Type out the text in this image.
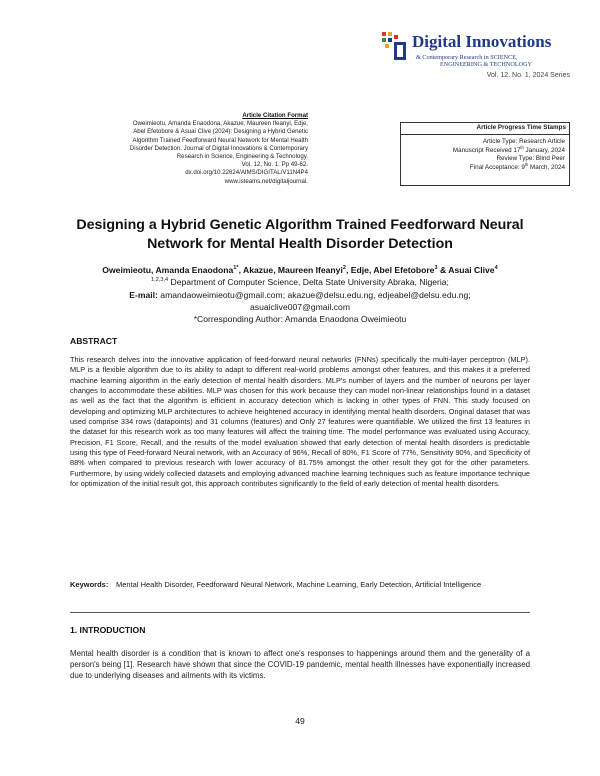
Digital Innovations
& Contemporary Research in SCIENCE,
ENGINEERING & TECHNOLOGY
Vol. 12. No. 1, 2024 Series
Article Citation Format
Oweimieotu, Amanda Enaodona, Akazue, Maureen Ifeanyi, Edje,
Abel Efetobore & Asuai Clive (2024): Designing a Hybrid Genetic
Algorithm Trained Feedforward Neural Network for Mental Health
Disorder Detection. Journal of Digital Innovations & Contemporary
Research in Science, Engineering & Technology.
Vol. 12, No. 1. Pp 49-62.
dx.doi.org/10.22624/AIMS/DIGITAL/V11N4P4
www.isteams.net/digitaljournal.
Article Progress Time Stamps
Article Type: Research Article
Manuscript Received 17th January, 2024
Review Type: Blind Peer
Final Acceptance: 9th March, 2024
Designing a Hybrid Genetic Algorithm Trained Feedforward Neural Network for Mental Health Disorder Detection
Oweimieotu, Amanda Enaodona$^{1*}$, Akazue, Maureen Ifeanyi$^2$, Edje, Abel Efetobore$^3$ & Asuai Clive$^4$
$^{1,2,3,4}$ Department of Computer Science, Delta State University Abraka, Nigeria;
E-mail: amandaoweimieotu@gmail.com; akazue@delsu.edu.ng, edjeabel@delsu.edu.ng;
asuaiclive007@gmail.com
*Corresponding Author: Amanda Enaodona Oweimieotu
ABSTRACT
This research delves into the innovative application of feed-forward neural networks (FNNs) specifically the multi-layer perceptron (MLP). MLP is a flexible algorithm due to its ability to adapt to different real-world problems amongst other features, and this makes it a preferred machine learning algorithm in the early detection of mental health disorders. MLP's number of layers and the number of neurons per layer changes to accommodate these abilities. MLP was chosen for this work because they can model non-linear relationships found in a dataset as well as the fact that the algorithm is efficient in accuracy detection which is lacking in other types of FNN. This study focused on developing and optimizing MLP architectures to achieve heightened accuracy in identifying mental health disorders. Original dataset that was used comprise 334 rows (datapoints) and 31 columns (features) and Only 27 features were quantifiable. We utilized the first 13 features in the dataset for this research work as too many features will affect the training time. The model performance was evaluated using Accuracy, Precision, F1 Score, Recall, and the results of the model evaluation showed that early detection of mental health disorders is predictable using this type of Feed-forward Neural network, with an Accuracy of 96%, Recall of 80%, F1 Score of 77%, Sensitivity 90%, and Specificity of 88% when compared to previous research with lower accuracy of 81.75% amongst the other result they got for the other parameters. Furthermore, by using widely collected datasets and employing advanced machine learning techniques such as feature importance technique for optimization of the initial result got, this approach contributes significantly to the field of early detection of mental health disorders.
Keywords: Mental Health Disorder, Feedforward Neural Network, Machine Learning, Early Detection, Artificial Intelligence
1. INTRODUCTION
Mental health disorder is a condition that is known to affect one's responses to happenings around them and the generality of a person's being [1]. Research have shown that since the COVID-19 pandemic, mental health illnesses have exponentially increased due to underlying diseases and ailments with its victims.
49
